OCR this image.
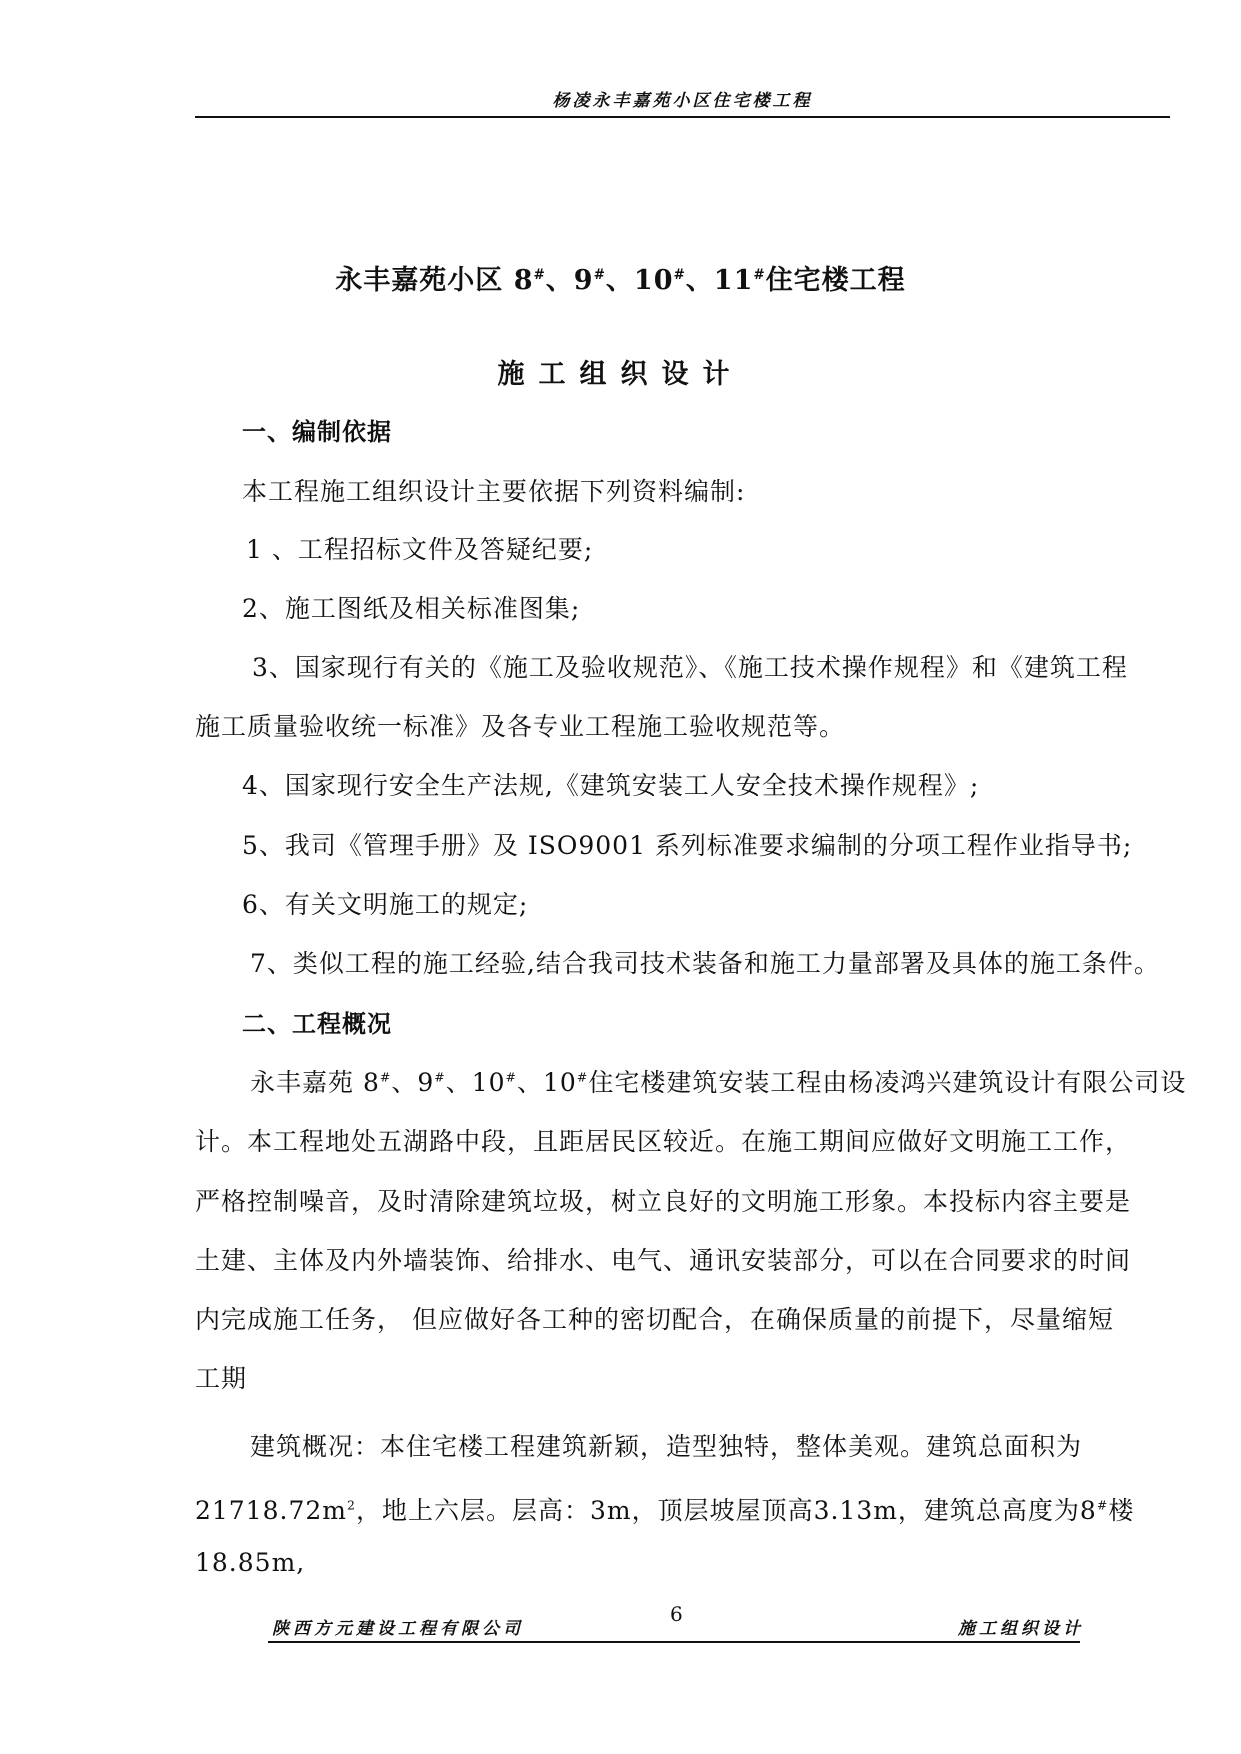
杨凌永丰嘉苑小区住宅楼工程
永丰嘉苑小区 8#、9#、10#、11#住宅楼工程
施工组织设计
一、编制依据
本工程施工组织设计主要依据下列资料编制:
1 、工程招标文件及答疑纪要;
2、施工图纸及相关标准图集;
3、国家现行有关的《施工及验收规范》、《施工技术操作规程》和《建筑工程
施工质量验收统一标准》及各专业工程施工验收规范等。
4、国家现行安全生产法规,《建筑安装工人安全技术操作规程》;
5、我司《管理手册》及 ISO9001 系列标准要求编制的分项工程作业指导书;
6、有关文明施工的规定;
7、类似工程的施工经验,结合我司技术装备和施工力量部署及具体的施工条件。
二、工程概况
永丰嘉苑 8#、9#、10#、10#住宅楼建筑安装工程由杨凌鸿兴建筑设计有限公司设
计。本工程地处五湖路中段，且距居民区较近。在施工期间应做好文明施工工作，
严格控制噪音，及时清除建筑垃圾，树立良好的文明施工形象。本投标内容主要是
土建、主体及内外墙装饰、给排水、电气、通讯安装部分，可以在合同要求的时间
内完成施工任务， 但应做好各工种的密切配合，在确保质量的前提下，尽量缩短
工期
建筑概况：本住宅楼工程建筑新颖，造型独特，整体美观。建筑总面积为
$21718.72m^2$，地上六层。层高：3m，顶层坡屋顶高3.13m，建筑总高度为8#楼
18.85m,
陕西方元建设工程有限公司
6
施工组织设计
